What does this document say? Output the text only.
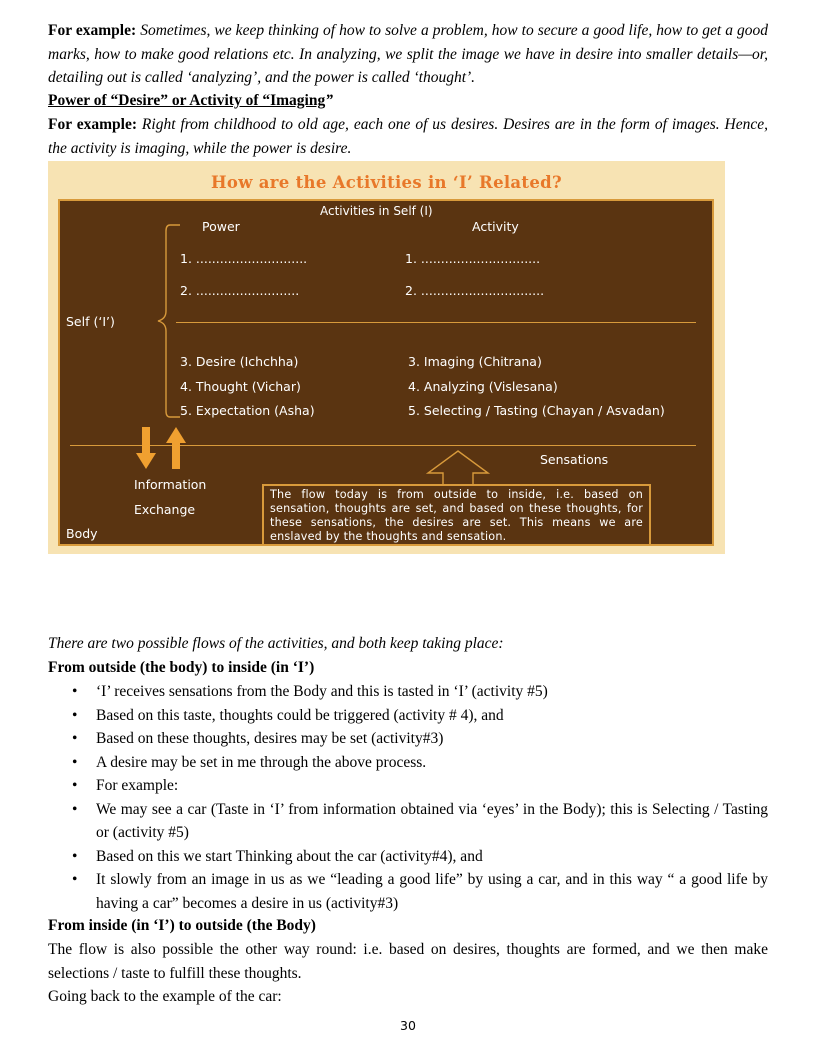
For example: Sometimes, we keep thinking of how to solve a problem, how to secure a good life, how to get a good marks, how to make good relations etc. In analyzing, we split the image we have in desire into smaller details—or, detailing out is called ‘analyzing’, and the power is called ‘thought’.

Power of “Desire” or Activity of “Imaging”

For example: Right from childhood to old age, each one of us desires. Desires are in the form of images. Hence, the activity is imaging, while the power is desire.

How are the Activities in ‘I’ Related?
Activities in Self (I)
Power	Activity
1. ............................	1. ..............................
2. ..........................	2. ...............................
Self (‘I’)
3. Desire (Ichchha)	3. Imaging (Chitrana)
4. Thought (Vichar)	4. Analyzing (Vislesana)
5. Expectation (Asha)	5. Selecting / Tasting (Chayan / Asvadan)
Sensations
Information
Exchange
Body
The flow today is from outside to inside, i.e. based on sensation, thoughts are set, and based on these thoughts, for these sensations, the desires are set. This means we are enslaved by the thoughts and sensation.

There are two possible flows of the activities, and both keep taking place:

From outside (the body) to inside (in ‘I’)

• ‘I’ receives sensations from the Body and this is tasted in ‘I’ (activity #5)
• Based on this taste, thoughts could be triggered (activity # 4), and
• Based on these thoughts, desires may be set (activity#3)
• A desire may be set in me through the above process.
• For example:
• We may see a car (Taste in ‘I’ from information obtained via ‘eyes’ in the Body); this is Selecting / Tasting or (activity #5)
• Based on this we start Thinking about the car (activity#4), and
• It slowly from an image in us as we “leading a good life” by using a car, and in this way “ a good life by having a car” becomes a desire in us (activity#3)

From inside (in ‘I’) to outside (the Body)

The flow is also possible the other way round: i.e. based on desires, thoughts are formed, and we then make selections / taste to fulfill these thoughts.

Going back to the example of the car:

30
